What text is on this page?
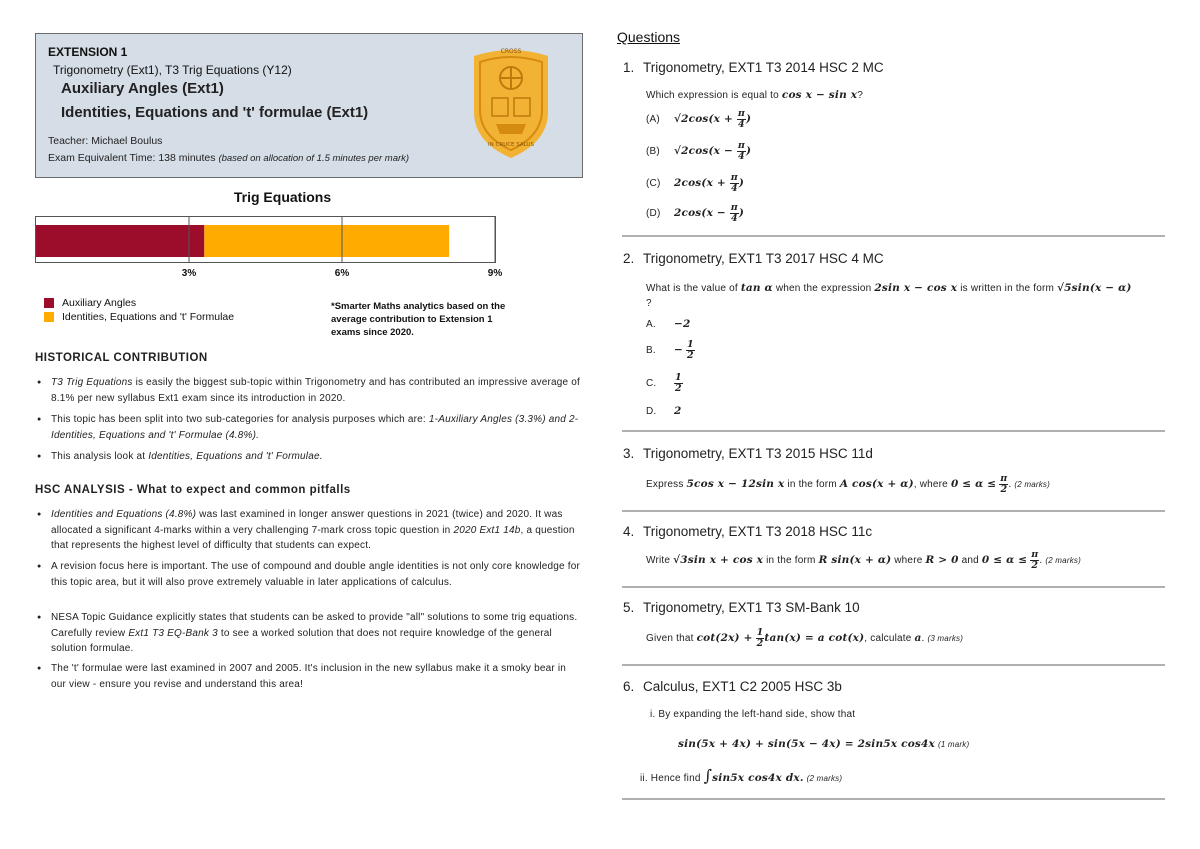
EXTENSION 1
Trigonometry (Ext1), T3 Trig Equations (Y12)
Auxiliary Angles (Ext1)
Identities, Equations and 't' formulae (Ext1)
Teacher: Michael Boulus
Exam Equivalent Time: 138 minutes (based on allocation of 1.5 minutes per mark)
CROSS
IN CRUCE SALUS
Trig Equations
3%	6%	9%
Auxiliary Angles
Identities, Equations and 't' Formulae
*Smarter Maths analytics based on the average contribution to Extension 1 exams since 2020.
HISTORICAL CONTRIBUTION
● T3 Trig Equations is easily the biggest sub-topic within Trigonometry and has contributed an impressive average of 8.1% per new syllabus Ext1 exam since its introduction in 2020.
● This topic has been split into two sub-categories for analysis purposes which are: 1-Auxiliary Angles (3.3%) and 2-Identities, Equations and 't' Formulae (4.8%).
● This analysis look at Identities, Equations and 't' Formulae.
HSC ANALYSIS - What to expect and common pitfalls
● Identities and Equations (4.8%) was last examined in longer answer questions in 2021 (twice) and 2020. It was allocated a significant 4-marks within a very challenging 7-mark cross topic question in 2020 Ext1 14b, a question that represents the highest level of difficulty that students can expect.
● A revision focus here is important. The use of compound and double angle identities is not only core knowledge for this topic area, but it will also prove extremely valuable in later applications of calculus.
● NESA Topic Guidance explicitly states that students can be asked to provide "all" solutions to some trig equations. Carefully review Ext1 T3 EQ-Bank 3 to see a worked solution that does not require knowledge of the general solution formulae.
● The 't' formulae were last examined in 2007 and 2005. It's inclusion in the new syllabus make it a smoky bear in our view - ensure you revise and understand this area!
Questions
1. Trigonometry, EXT1 T3 2014 HSC 2 MC
Which expression is equal to cos x − sin x?
(A) $√2\cos(x + \frac{\pi}{4}$ )
(B) $√2\cos(x - \frac{\pi}{4}$ )
(C) $2\cos(x + \frac{\pi}{4}$ )
(D) $2\cos(x - \frac{\pi}{4}$ )
2. Trigonometry, EXT1 T3 2017 HSC 4 MC
What is the value of tan α when the expression 2sin x − cos x is written in the form √5sin(x − α)
?
A. −2
B. − $\frac{1}{2}$
C. $\frac{1}{2}$
D. 2
3. Trigonometry, EXT1 T3 2015 HSC 11d
Express 5cos x − 12sin x in the form A cos(x + α), where $0 \le \alpha \le \frac{\pi}{2}$ . (2 marks)
4. Trigonometry, EXT1 T3 2018 HSC 11c
Write √3sin x + cos x in the form R sin(x + α) where R > 0 and $0 \le \alpha \le \frac{\pi}{2}$ . (2 marks)
5. Trigonometry, EXT1 T3 SM-Bank 10
Given that $\cot(2x) + \frac{1}{2} \tan(x) = a$ cot(x), calculate a. (3 marks)
6. Calculus, EXT1 C2 2005 HSC 3b
i. By expanding the left-hand side, show that
sin(5x + 4x) + sin(5x − 4x) = 2sin5x cos4x (1 mark)
ii. Hence find ∫sin5x cos4x dx. (2 marks)
